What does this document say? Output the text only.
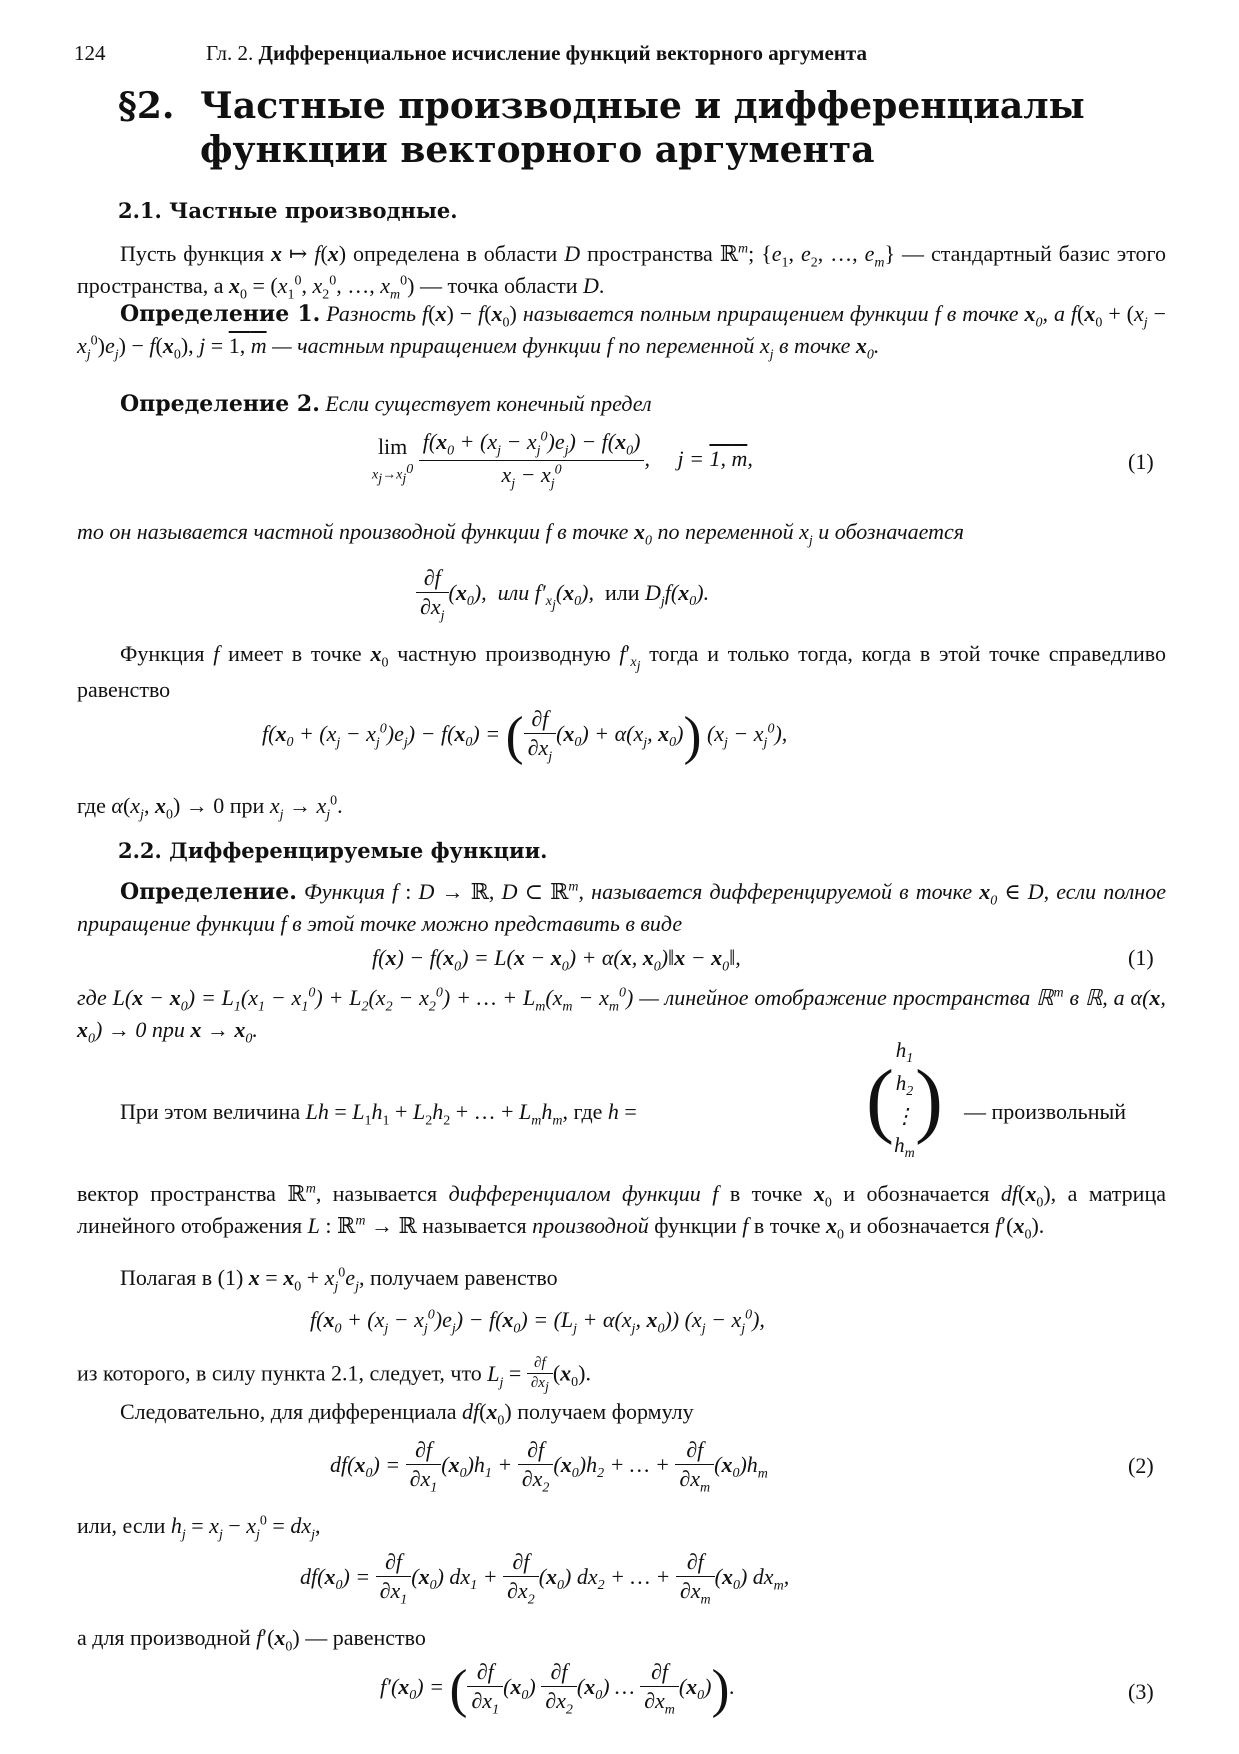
124	Гл. 2. Дифференциальное исчисление функций векторного аргумента
§2. Частные производные и дифференциалы
функции векторного аргумента
2.1. Частные производные.
Пусть функция x ↦ f(x) определена в области D пространства ℝ$^m$; {$e_1$, $e_2$, …, $e_m$} — стандартный базис этого пространства, а $x_0 = (x_1^0$, $x_2^0$, …, $x_m^0$) — точка области D.
Определение 1. Разность $f(x) - f(x_0)$ называется полным приращением функции f в точке $x_0$, а $f(x_0 + (x_j - x_j^0)e_j) - f(x_0)$, j = 1, m — частным приращением функции f по переменной $x_j$ в точке $x_0$.
Определение 2. Если существует конечный предел
lim
$x_j\to x_j^0$
$\frac{f(x_0 + (x_j - x_j^0)e_j) - f(x_0)}{x_j - x_j^0}$ ,     j = 1, m,	(1)
то он называется частной производной функции f в точке $x_0$ по переменной $x_j$ и обозначается
$\frac{\partial f}{\partial x_j} (x_0)$,  или $f'_{x_j}(x_0)$,  или $D_jf(x_0)$.
Функция f имеет в точке $x_0$ частную производную $f'_{x_j}$ тогда и только тогда, когда в этой точке справедливо равенство
$f(x_0 + (x_j - x_j^0)e_j) - f(x_0)$ = ( $\frac{\partial f}{\partial x_j} (x_0) + \alpha(x_j$, $x_0$)) $(x_j - x_j^0)$,
где $\alpha(x_j$, $x_0) \to 0$ при $x_j \to x_j^0$.
2.2. Дифференцируемые функции.
Определение. Функция f : D → ℝ, D ⊂ ℝ$^m$, называется дифференцируемой в точке $x_0$ ∈ D, если полное приращение функции f в этой точке можно представить в виде
$f(x) - f(x_0) = L(x - x_0) + \alpha(x$, $x_0)‖x$ − $x_0‖$,	(1)
где $L(x - x_0) = L_1(x_1 - x_1^0) + L_2(x_2 - x_2^0)$ + … + $L_m(x_m - x_m^0)$ — линейное отображение пространства ℝ$^m$ в ℝ, а α(x, $x_0) \to 0$ при $x \to x_0$.
При этом величина $Lh = L_1h_1 + L_2h_2$ + … + $L_mh_m$, где h =	(
$h_1$
$h_2$
⋮
$h_m$
) — произвольный
вектор пространства ℝ$^m$, называется дифференциалом функции f в точке $x_0$ и обозначается $df(x_0)$, а матрица линейного отображения L : ℝ$^m$ → ℝ называется производной функции f в точке $x_0$ и обозначается $f'(x_0)$.
Полагая в (1) $x = x_0 + x_j^0e_j$, получаем равенство
$f(x_0 + (x_j - x_j^0)e_j) - f(x_0) = (L_j + \alpha(x_j$, $x_0$)) $(x_j - x_j^0)$,
из которого, в силу пункта 2.1, следует, что $L_j = \frac{\partial f}{\partial x_j} (x_0)$.
Следовательно, для дифференциала $df(x_0)$ получаем формулу
$df(x_0) = \frac{\partial f}{\partial x_1} (x_0)h_1 + \frac{\partial f}{\partial x_2} (x_0)h_2$ + … + $\frac{\partial f}{\partial x_m} (x_0)h_m$	(2)
или, если $h_j = x_j - x_j^0 = dx_j$,
$df(x_0) = \frac{\partial f}{\partial x_1} (x_0) dx_1 + \frac{\partial f}{\partial x_2} (x_0) dx_2$ + … + $\frac{\partial f}{\partial x_m} (x_0)$ $dx_m$,
а для производной $f'(x_0)$ — равенство
$f'(x_0)$ = ( $\frac{\partial f}{\partial x_1} (x_0) \frac{\partial f}{\partial x_2} (x_0)$ … $\frac{\partial f}{\partial x_m} (x_0)$).	(3)
